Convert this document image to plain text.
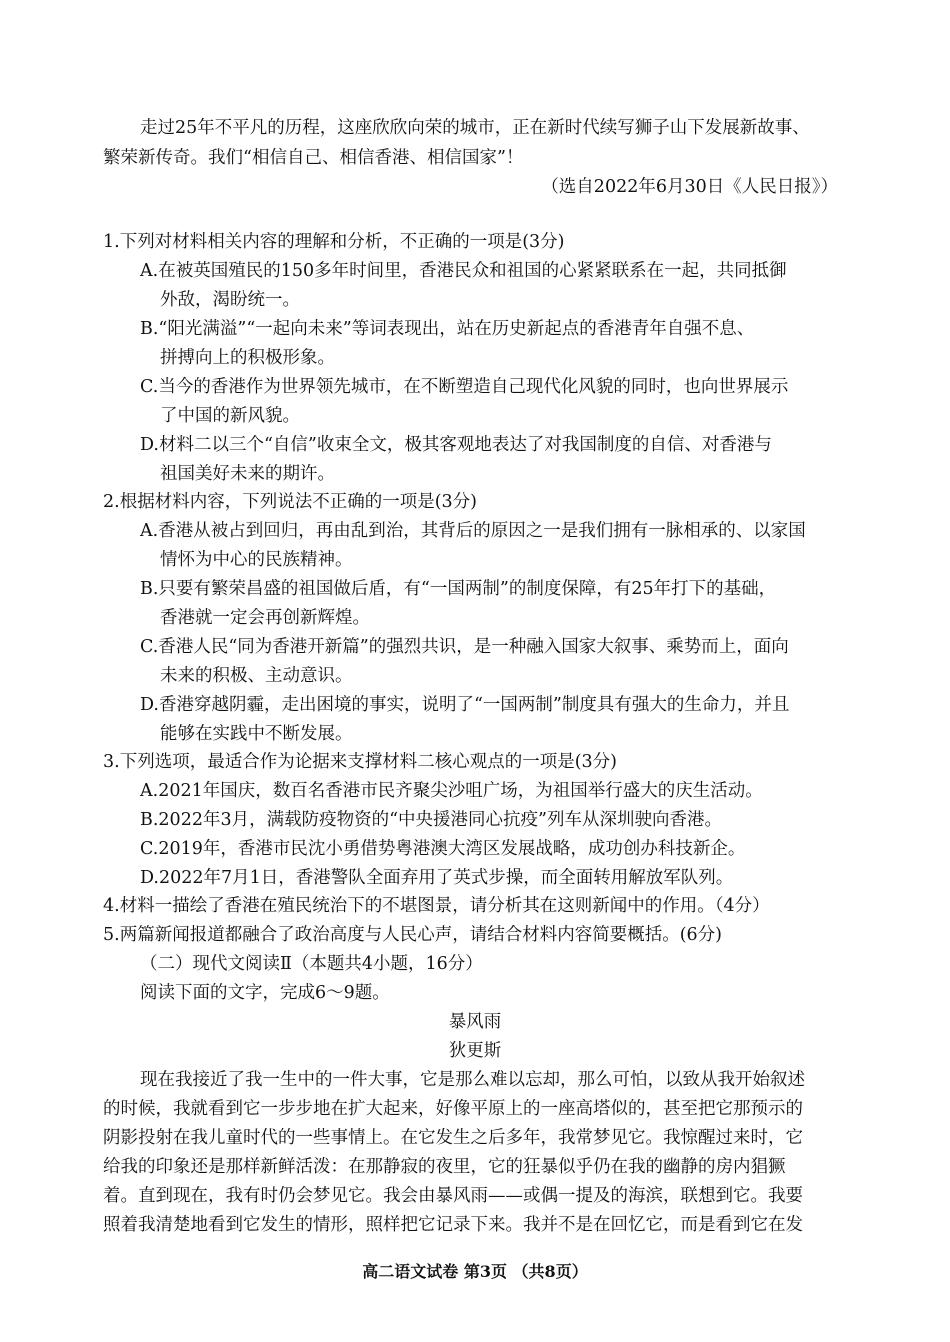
走过25年不平凡的历程，这座欣欣向荣的城市，正在新时代续写狮子山下发展新故事、
繁荣新传奇。我们“相信自己、相信香港、相信国家”！
（选自2022年6月30日《人民日报》）
1.下列对材料相关内容的理解和分析，不正确的一项是(3分)
A.在被英国殖民的150多年时间里，香港民众和祖国的心紧紧联系在一起，共同抵御
外敌，渴盼统一。
B.“阳光满溢”“一起向未来”等词表现出，站在历史新起点的香港青年自强不息、
拼搏向上的积极形象。
C.当今的香港作为世界领先城市，在不断塑造自己现代化风貌的同时，也向世界展示
了中国的新风貌。
D.材料二以三个“自信”收束全文，极其客观地表达了对我国制度的自信、对香港与
祖国美好未来的期许。
2.根据材料内容，下列说法不正确的一项是(3分)
A.香港从被占到回归，再由乱到治，其背后的原因之一是我们拥有一脉相承的、以家国
情怀为中心的民族精神。
B.只要有繁荣昌盛的祖国做后盾，有“一国两制”的制度保障，有25年打下的基础，
香港就一定会再创新辉煌。
C.香港人民“同为香港开新篇”的强烈共识，是一种融入国家大叙事、乘势而上，面向
未来的积极、主动意识。
D.香港穿越阴霾，走出困境的事实，说明了“一国两制”制度具有强大的生命力，并且
能够在实践中不断发展。
3.下列选项，最适合作为论据来支撑材料二核心观点的一项是(3分)
A.2021年国庆，数百名香港市民齐聚尖沙咀广场，为祖国举行盛大的庆生活动。
B.2022年3月，满载防疫物资的“中央援港同心抗疫”列车从深圳驶向香港。
C.2019年，香港市民沈小勇借势粤港澳大湾区发展战略，成功创办科技新企。
D.2022年7月1日，香港警队全面弃用了英式步操，而全面转用解放军队列。
4.材料一描绘了香港在殖民统治下的不堪图景，请分析其在这则新闻中的作用。（4分）
5.两篇新闻报道都融合了政治高度与人民心声，请结合材料内容简要概括。(6分)
（二）现代文阅读Ⅱ（本题共4小题，16分）
阅读下面的文字，完成6～9题。
暴风雨
狄更斯
现在我接近了我一生中的一件大事，它是那么难以忘却，那么可怕，以致从我开始叙述
的时候，我就看到它一步步地在扩大起来，好像平原上的一座高塔似的，甚至把它那预示的
阴影投射在我儿童时代的一些事情上。在它发生之后多年，我常梦见它。我惊醒过来时，它
给我的印象还是那样新鲜活泼：在那静寂的夜里，它的狂暴似乎仍在我的幽静的房内猖獗
着。直到现在，我有时仍会梦见它。我会由暴风雨——或偶一提及的海滨，联想到它。我要
照着我清楚地看到它发生的情形，照样把它记录下来。我并不是在回忆它，而是看到它在发
高二语文试卷 第3页 （共8页）
